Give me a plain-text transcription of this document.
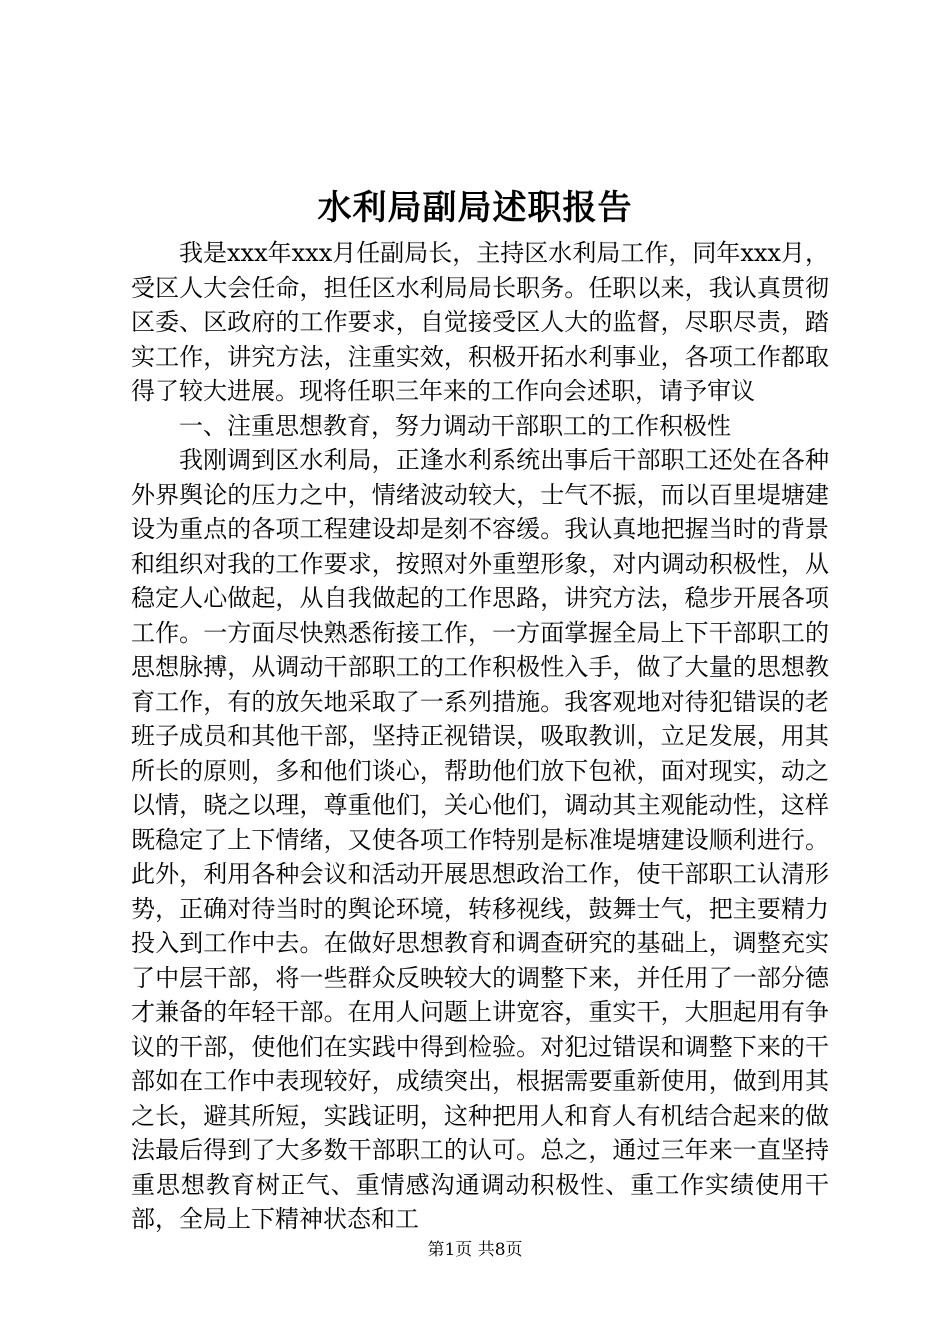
水利局副局述职报告

我是xxx年xxx月任副局长，主持区水利局工作，同年xxx月，受区人大会任命，担任区水利局局长职务。任职以来，我认真贯彻区委、区政府的工作要求，自觉接受区人大的监督，尽职尽责，踏实工作，讲究方法，注重实效，积极开拓水利事业，各项工作都取得了较大进展。现将任职三年来的工作向会述职，请予审议

一、注重思想教育，努力调动干部职工的工作积极性

我刚调到区水利局，正逢水利系统出事后干部职工还处在各种外界舆论的压力之中，情绪波动较大，士气不振，而以百里堤塘建设为重点的各项工程建设却是刻不容缓。我认真地把握当时的背景和组织对我的工作要求，按照对外重塑形象，对内调动积极性，从稳定人心做起，从自我做起的工作思路，讲究方法，稳步开展各项工作。一方面尽快熟悉衔接工作，一方面掌握全局上下干部职工的思想脉搏，从调动干部职工的工作积极性入手，做了大量的思想教育工作，有的放矢地采取了一系列措施。我客观地对待犯错误的老班子成员和其他干部，坚持正视错误，吸取教训，立足发展，用其所长的原则，多和他们谈心，帮助他们放下包袱，面对现实，动之以情，晓之以理，尊重他们，关心他们，调动其主观能动性，这样既稳定了上下情绪，又使各项工作特别是标准堤塘建设顺利进行。此外，利用各种会议和活动开展思想政治工作，使干部职工认清形势，正确对待当时的舆论环境，转移视线，鼓舞士气，把主要精力投入到工作中去。在做好思想教育和调查研究的基础上，调整充实了中层干部，将一些群众反映较大的调整下来，并任用了一部分德才兼备的年轻干部。在用人问题上讲宽容，重实干，大胆起用有争议的干部，使他们在实践中得到检验。对犯过错误和调整下来的干部如在工作中表现较好，成绩突出，根据需要重新使用，做到用其之长，避其所短，实践证明，这种把用人和育人有机结合起来的做法最后得到了大多数干部职工的认可。总之，通过三年来一直坚持重思想教育树正气、重情感沟通调动积极性、重工作实绩使用干部，全局上下精神状态和工

第1页 共8页
